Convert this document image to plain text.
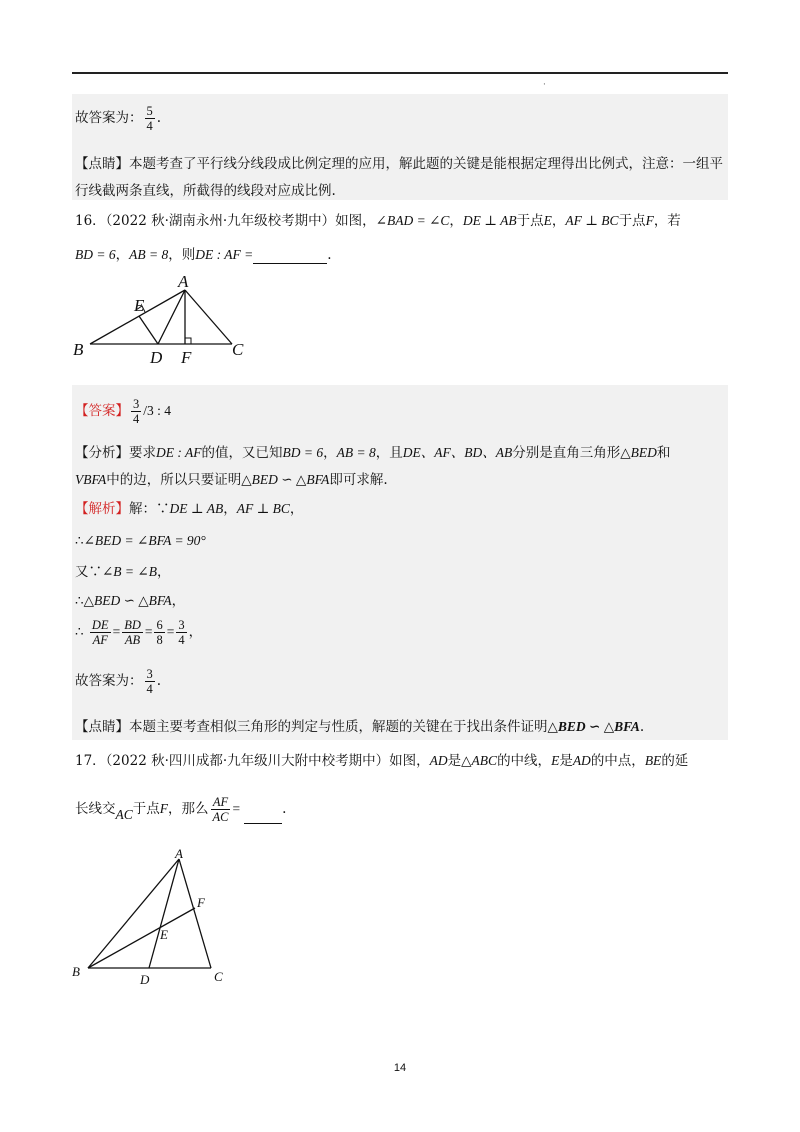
·
故答案为： $\frac{5}{4}$ .
【点睛】本题考查了平行线分线段成比例定理的应用，解此题的关键是能根据定理得出比例式，注意：一组平行线截两条直线，所截得的线段对应成比例.
16．（2022 秋·湖南永州·九年级校考期中）如图，∠BAD = ∠C，DE ⊥ AB于点E，AF ⊥ BC于点F，若
BD = 6，AB = 8，则DE : AF =	.
A
B	C
D
E
F
【答案】 $\frac{3}{4} /3$ : 4
【分析】要求DE : AF的值，又已知BD = 6，AB = 8，且DE、AF、BD、AB分别是直角三角形△BED和
VBFA中的边，所以只要证明△BED ∽ △BFA即可求解.
【解析】解：∵DE ⊥ AB，AF ⊥ BC，
∴∠BED = ∠BFA = 90°
又∵∠B = ∠B，
∴△BED ∽ △BFA，
∴ $\frac{DE}{AF} = \frac{BD}{AB} = \frac{6}{8} = \frac{3}{4}$ ，
故答案为： $\frac{3}{4}$ .
【点睛】本题主要考查相似三角形的判定与性质，解题的关键在于找出条件证明△BED ∽ △BFA.
17．（2022 秋·四川成都·九年级川大附中校考期中）如图，AD是△ABC的中线，E是AD的中点，BE的延
长线交AC于点F，那么 $\frac{AF}{AC}$ =	.
A
B	C
D
E
F
14
